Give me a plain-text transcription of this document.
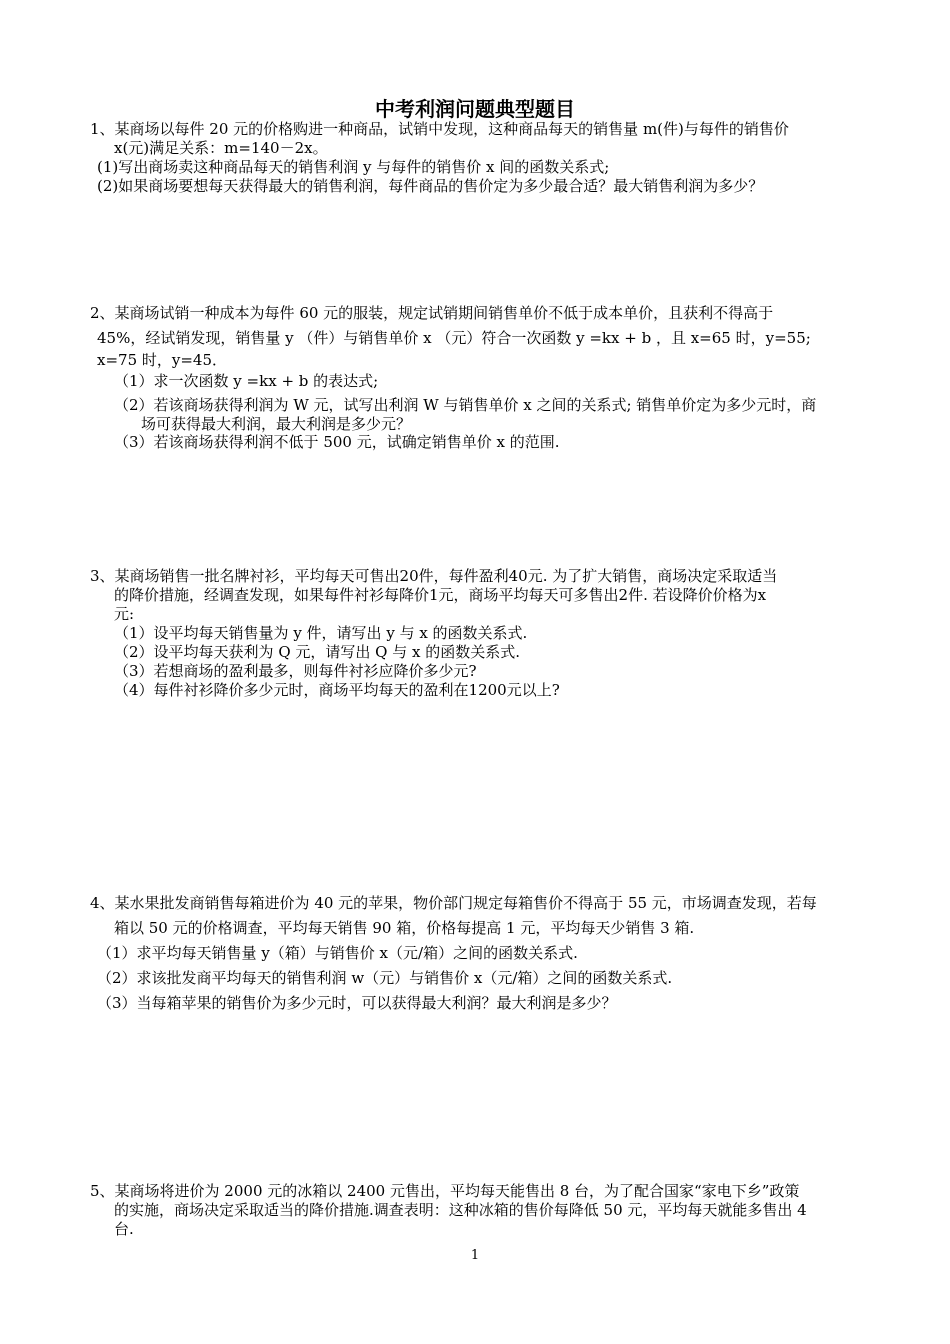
中考利润问题典型题目
1、某商场以每件 20 元的价格购进一种商品，试销中发现，这种商品每天的销售量 m(件)与每件的销售价
x(元)满足关系：m=140－2x。
(1)写出商场卖这种商品每天的销售利润 y 与每件的销售价 x 间的函数关系式;
(2)如果商场要想每天获得最大的销售利润，每件商品的售价定为多少最合适？最大销售利润为多少？
2、某商场试销一种成本为每件 60 元的服装，规定试销期间销售单价不低于成本单价，且获利不得高于
45%，经试销发现，销售量 y （件）与销售单价 x （元）符合一次函数 y =kx + b ，且 x=65 时，y=55;
x=75 时，y=45．
（1）求一次函数 y =kx + b 的表达式;
（2）若该商场获得利润为 W 元，试写出利润 W 与销售单价 x 之间的关系式; 销售单价定为多少元时，商
场可获得最大利润，最大利润是多少元？
（3）若该商场获得利润不低于 500 元，试确定销售单价 x 的范围.
3、某商场销售一批名牌衬衫，平均每天可售出20件，每件盈利40元. 为了扩大销售，商场决定采取适当
的降价措施，经调查发现，如果每件衬衫每降价1元，商场平均每天可多售出2件. 若设降价价格为x
元:
（1）设平均每天销售量为 y 件，请写出 y 与 x 的函数关系式.
（2）设平均每天获利为 Q 元，请写出 Q 与 x 的函数关系式.
（3）若想商场的盈利最多，则每件衬衫应降价多少元?
（4）每件衬衫降价多少元时，商场平均每天的盈利在1200元以上?
4、某水果批发商销售每箱进价为 40 元的苹果，物价部门规定每箱售价不得高于 55 元，市场调查发现，若每
箱以 50 元的价格调查，平均每天销售 90 箱，价格每提高 1 元，平均每天少销售 3 箱.
（1）求平均每天销售量 y（箱）与销售价 x（元/箱）之间的函数关系式.
（2）求该批发商平均每天的销售利润 w（元）与销售价 x（元/箱）之间的函数关系式.
（3）当每箱苹果的销售价为多少元时，可以获得最大利润？最大利润是多少？
5、某商场将进价为 2000 元的冰箱以 2400 元售出，平均每天能售出 8 台，为了配合国家“家电下乡”政策
的实施，商场决定采取适当的降价措施.调查表明：这种冰箱的售价每降低 50 元，平均每天就能多售出 4
台.
1
